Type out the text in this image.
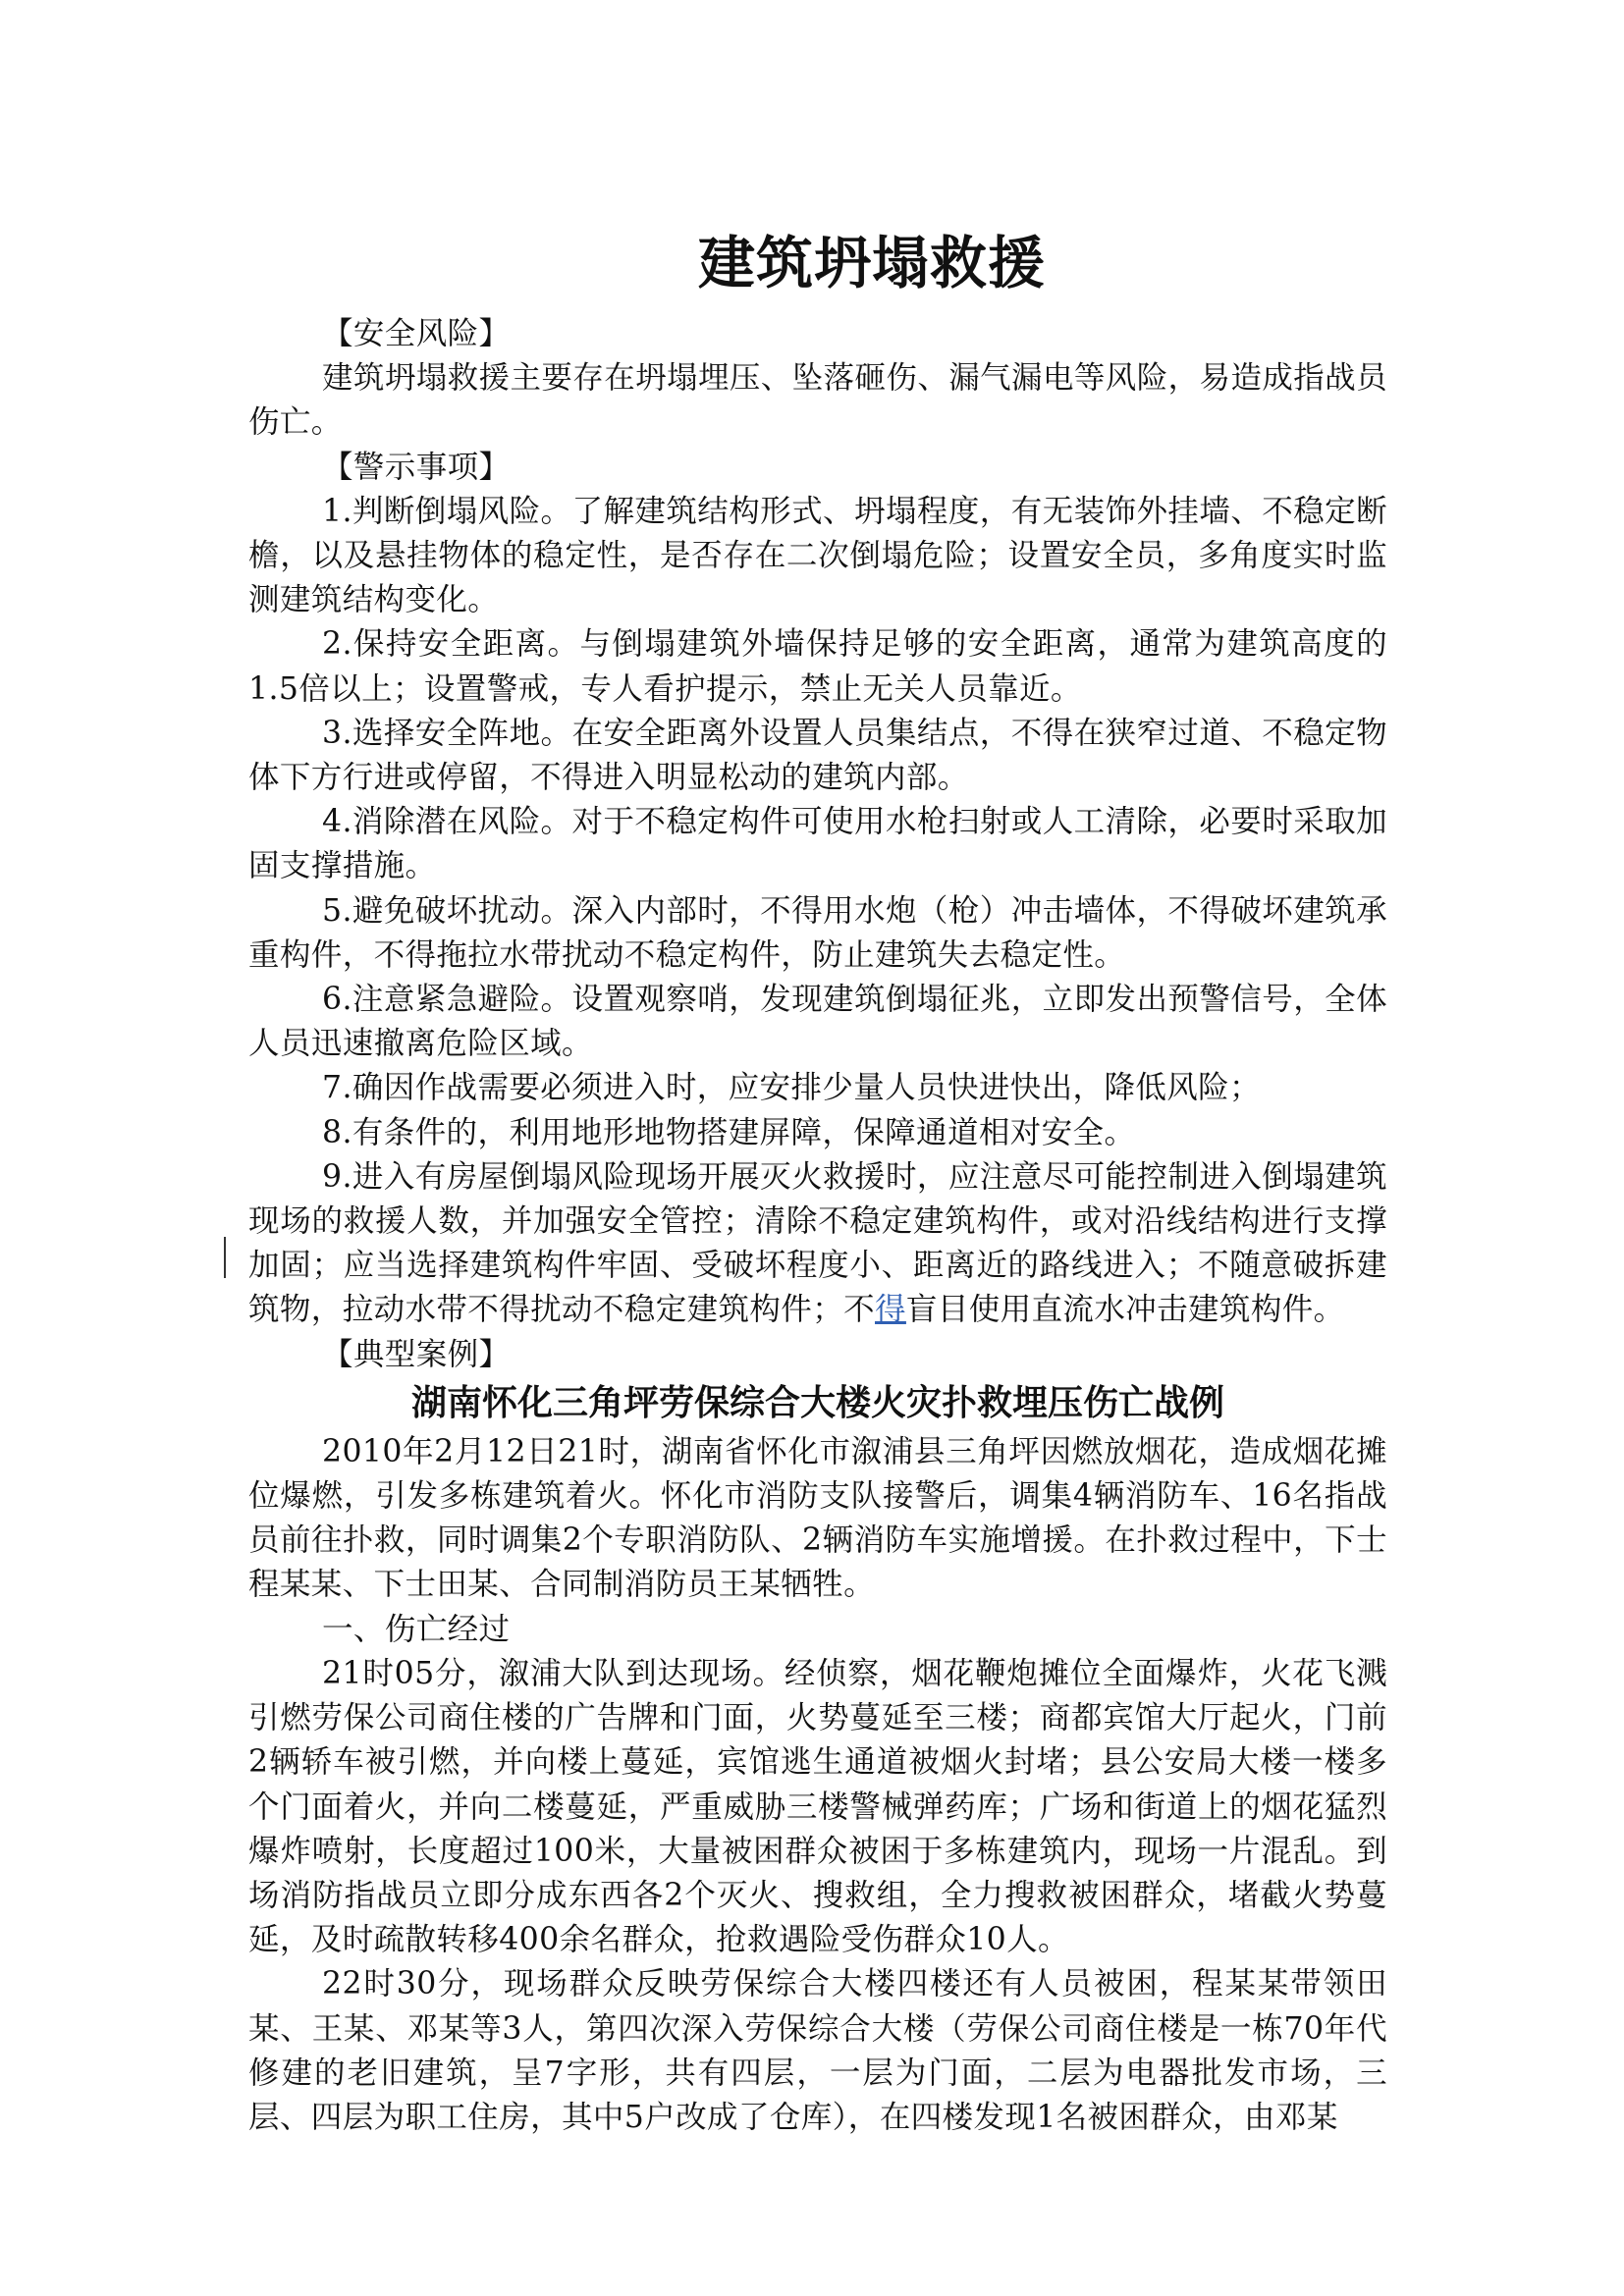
建筑坍塌救援

【安全风险】

建筑坍塌救援主要存在坍塌埋压、坠落砸伤、漏气漏电等风险，易造成指战员伤亡。

【警示事项】

1.判断倒塌风险。了解建筑结构形式、坍塌程度，有无装饰外挂墙、不稳定断檐，以及悬挂物体的稳定性，是否存在二次倒塌危险；设置安全员，多角度实时监测建筑结构变化。

2.保持安全距离。与倒塌建筑外墙保持足够的安全距离，通常为建筑高度的1.5倍以上；设置警戒，专人看护提示，禁止无关人员靠近。

3.选择安全阵地。在安全距离外设置人员集结点，不得在狭窄过道、不稳定物体下方行进或停留，不得进入明显松动的建筑内部。

4.消除潜在风险。对于不稳定构件可使用水枪扫射或人工清除，必要时采取加固支撑措施。

5.避免破坏扰动。深入内部时，不得用水炮（枪）冲击墙体，不得破坏建筑承重构件，不得拖拉水带扰动不稳定构件，防止建筑失去稳定性。

6.注意紧急避险。设置观察哨，发现建筑倒塌征兆，立即发出预警信号，全体人员迅速撤离危险区域。

7.确因作战需要必须进入时，应安排少量人员快进快出，降低风险；

8.有条件的，利用地形地物搭建屏障，保障通道相对安全。

9.进入有房屋倒塌风险现场开展灭火救援时，应注意尽可能控制进入倒塌建筑现场的救援人数，并加强安全管控；清除不稳定建筑构件，或对沿线结构进行支撑加固；应当选择建筑构件牢固、受破坏程度小、距离近的路线进入；不随意破拆建筑物，拉动水带不得扰动不稳定建筑构件；不得盲目使用直流水冲击建筑构件。

【典型案例】

湖南怀化三角坪劳保综合大楼火灾扑救埋压伤亡战例

2010年2月12日21时，湖南省怀化市溆浦县三角坪因燃放烟花，造成烟花摊位爆燃，引发多栋建筑着火。怀化市消防支队接警后，调集4辆消防车、16名指战员前往扑救，同时调集2个专职消防队、2辆消防车实施增援。在扑救过程中，下士程某某、下士田某、合同制消防员王某牺牲。

一、伤亡经过

21时05分，溆浦大队到达现场。经侦察，烟花鞭炮摊位全面爆炸，火花飞溅引燃劳保公司商住楼的广告牌和门面，火势蔓延至三楼；商都宾馆大厅起火，门前2辆轿车被引燃，并向楼上蔓延，宾馆逃生通道被烟火封堵；县公安局大楼一楼多个门面着火，并向二楼蔓延，严重威胁三楼警械弹药库；广场和街道上的烟花猛烈爆炸喷射，长度超过100米，大量被困群众被困于多栋建筑内，现场一片混乱。到场消防指战员立即分成东西各2个灭火、搜救组，全力搜救被困群众，堵截火势蔓延，及时疏散转移400余名群众，抢救遇险受伤群众10人。

22时30分，现场群众反映劳保综合大楼四楼还有人员被困，程某某带领田某、王某、邓某等3人，第四次深入劳保综合大楼（劳保公司商住楼是一栋70年代修建的老旧建筑，呈7字形，共有四层，一层为门面，二层为电器批发市场，三层、四层为职工住房，其中5户改成了仓库），在四楼发现1名被困群众，由邓某
